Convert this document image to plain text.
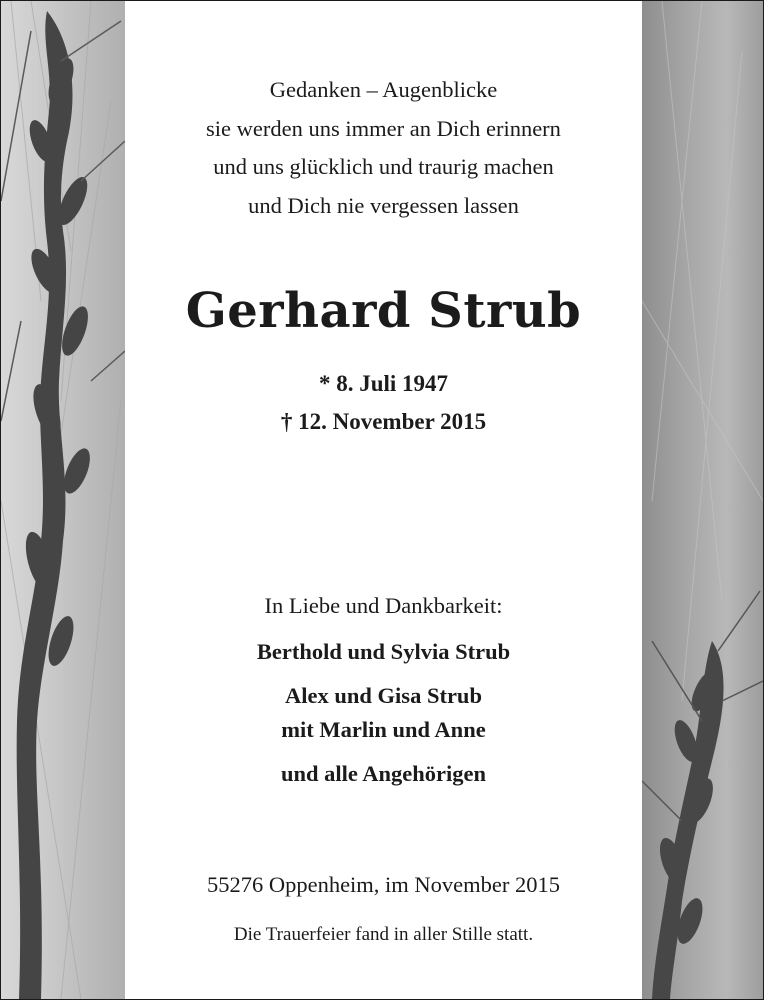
Gedanken – Augenblicke
sie werden uns immer an Dich erinnern
und uns glücklich und traurig machen
und Dich nie vergessen lassen
Gerhard Strub
* 8. Juli 1947
† 12. November 2015
In Liebe und Dankbarkeit:
Berthold und Sylvia Strub
Alex und Gisa Strub
mit Marlin und Anne
und alle Angehörigen
55276 Oppenheim, im November 2015
Die Trauerfeier fand in aller Stille statt.
